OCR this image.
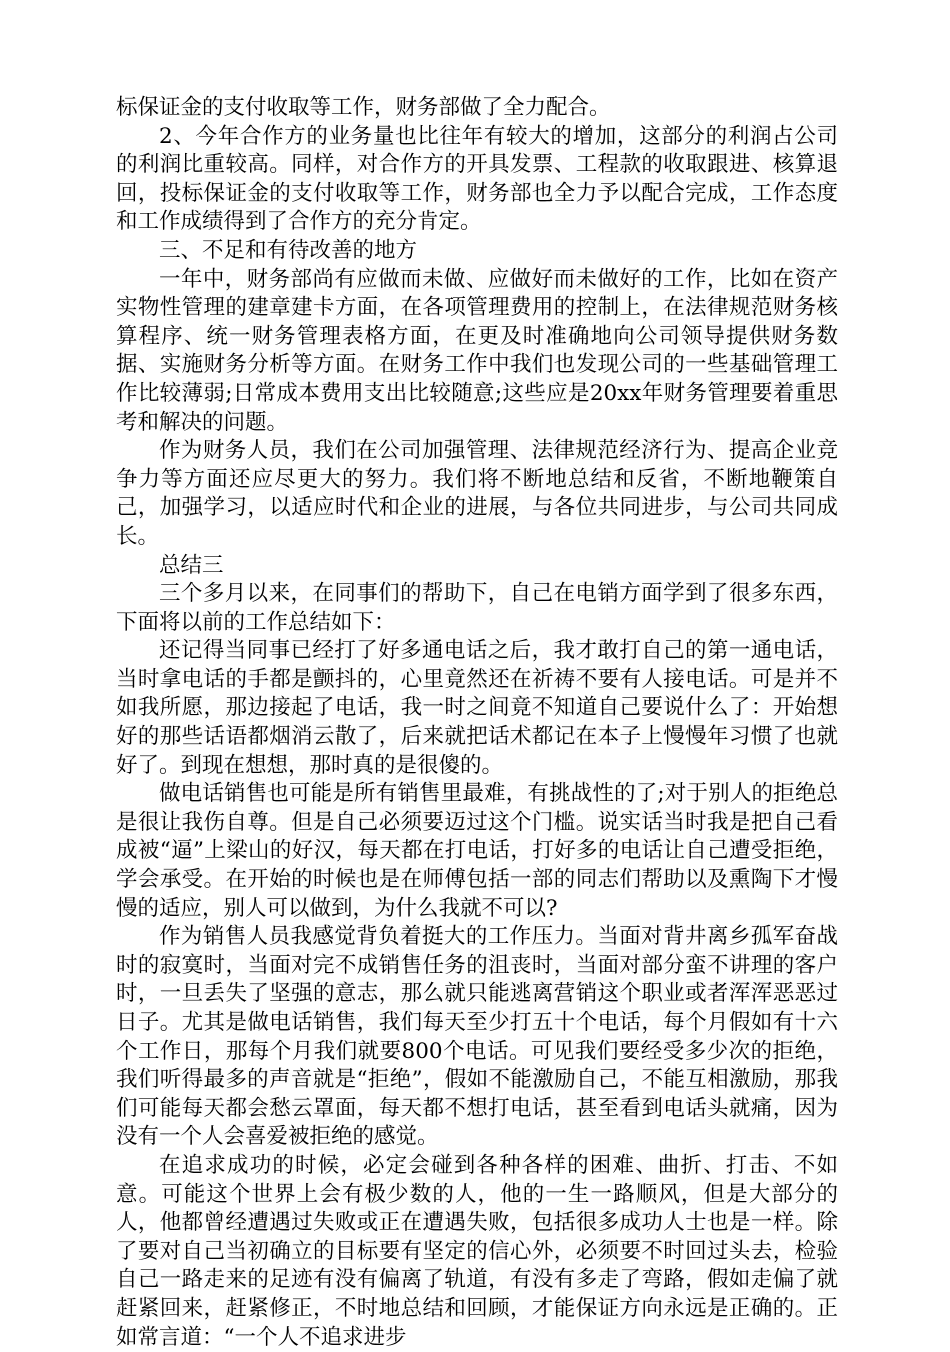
标保证金的支付收取等工作，财务部做了全力配合。

2、今年合作方的业务量也比往年有较大的增加，这部分的利润占公司的利润比重较高。同样，对合作方的开具发票、工程款的收取跟进、核算退回，投标保证金的支付收取等工作，财务部也全力予以配合完成，工作态度和工作成绩得到了合作方的充分肯定。

三、不足和有待改善的地方

一年中，财务部尚有应做而未做、应做好而未做好的工作，比如在资产实物性管理的建章建卡方面，在各项管理费用的控制上，在法律规范财务核算程序、统一财务管理表格方面，在更及时准确地向公司领导提供财务数据、实施财务分析等方面。在财务工作中我们也发现公司的一些基础管理工作比较薄弱;日常成本费用支出比较随意;这些应是20xx年财务管理要着重思考和解决的问题。

作为财务人员，我们在公司加强管理、法律规范经济行为、提高企业竞争力等方面还应尽更大的努力。我们将不断地总结和反省，不断地鞭策自己，加强学习，以适应时代和企业的进展，与各位共同进步，与公司共同成长。

总结三

三个多月以来，在同事们的帮助下，自己在电销方面学到了很多东西，下面将以前的工作总结如下：

还记得当同事已经打了好多通电话之后，我才敢打自己的第一通电话，当时拿电话的手都是颤抖的，心里竟然还在祈祷不要有人接电话。可是并不如我所愿，那边接起了电话，我一时之间竟不知道自己要说什么了：开始想好的那些话语都烟消云散了，后来就把话术都记在本子上慢慢年习惯了也就好了。到现在想想，那时真的是很傻的。

做电话销售也可能是所有销售里最难，有挑战性的了;对于别人的拒绝总是很让我伤自尊。但是自己必须要迈过这个门槛。说实话当时我是把自己看成被“逼”上梁山的好汉，每天都在打电话，打好多的电话让自己遭受拒绝，学会承受。在开始的时候也是在师傅包括一部的同志们帮助以及熏陶下才慢慢的适应，别人可以做到，为什么我就不可以?

作为销售人员我感觉背负着挺大的工作压力。当面对背井离乡孤军奋战时的寂寞时，当面对完不成销售任务的沮丧时，当面对部分蛮不讲理的客户时，一旦丢失了坚强的意志，那么就只能逃离营销这个职业或者浑浑恶恶过日子。尤其是做电话销售，我们每天至少打五十个电话，每个月假如有十六个工作日，那每个月我们就要800个电话。可见我们要经受多少次的拒绝，我们听得最多的声音就是“拒绝”，假如不能激励自己，不能互相激励，那我们可能每天都会愁云罩面，每天都不想打电话，甚至看到电话头就痛，因为没有一个人会喜爱被拒绝的感觉。

在追求成功的时候，必定会碰到各种各样的困难、曲折、打击、不如意。可能这个世界上会有极少数的人，他的一生一路顺风，但是大部分的人，他都曾经遭遇过失败或正在遭遇失败，包括很多成功人士也是一样。除了要对自己当初确立的目标要有坚定的信心外，必须要不时回过头去，检验自己一路走来的足迹有没有偏离了轨道，有没有多走了弯路，假如走偏了就赶紧回来，赶紧修正，不时地总结和回顾，才能保证方向永远是正确的。正如常言道：“一个人不追求进步
